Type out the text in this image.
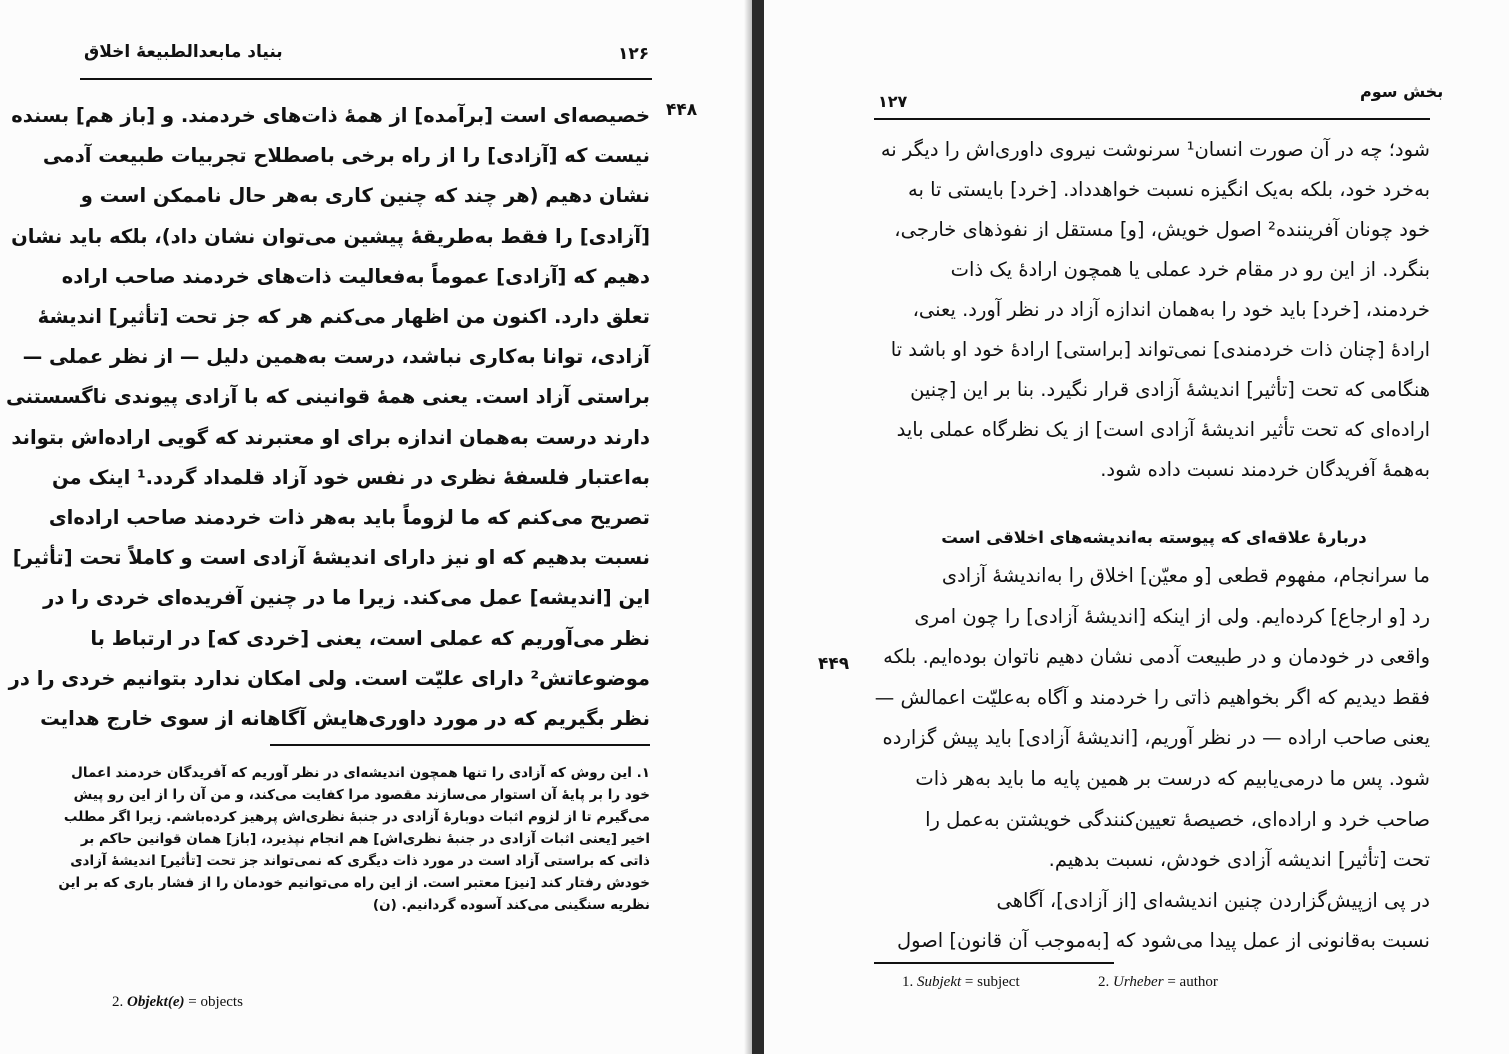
بنیاد مابعدالطبیعهٔ اخلاق	۱۲۶
۴۴۸
خصیصه‌ای است [برآمده] از همهٔ ذات‌های خردمند. و [باز هم] بسنده
نیست که [آزادی] را از راه برخی باصطلاح تجربیات طبیعت آدمی
نشان دهیم (هر چند که چنین کاری به‌هر حال ناممکن است و
[آزادی] را فقط به‌طریقهٔ پیشین می‌توان نشان داد)، بلکه باید نشان
دهیم که [آزادی] عموماً به‌فعالیت ذات‌های خردمند صاحب اراده
تعلق دارد. اکنون من اظهار می‌کنم هر که جز تحت [تأثیر] اندیشهٔ
آزادی، توانا به‌کاری نباشد، درست به‌همین دلیل — از نظر عملی —
براستی آزاد است. یعنی همهٔ قوانینی که با آزادی پیوندی ناگسستنی
دارند درست به‌همان اندازه برای او معتبرند که گویی اراده‌اش بتواند
به‌اعتبار فلسفهٔ نظری در نفس خود آزاد قلمداد گردد.¹ اینک من
تصریح می‌کنم که ما لزوماً باید به‌هر ذات خردمند صاحب اراده‌ای
نسبت بدهیم که او نیز دارای اندیشهٔ آزادی است و کاملاً تحت [تأثیر]
این [اندیشه] عمل می‌کند. زیرا ما در چنین آفریده‌ای خردی را در
نظر می‌آوریم که عملی است، یعنی [خردی که] در ارتباط با
موضوعاتش² دارای علیّت است. ولی امکان ندارد بتوانیم خردی را در
نظر بگیریم که در مورد داوری‌هایش آگاهانه از سوی خارج هدایت
۱. این روش که آزادی را تنها همچون اندیشه‌ای در نظر آوریم که آفریدگان خردمند اعمال
خود را بر پایهٔ آن استوار می‌سازند مقصود مرا کفایت می‌کند، و من آن را از این رو پیش
می‌گیرم تا از لزوم اثبات دوبارهٔ آزادی در جنبهٔ نظری‌اش پرهیز کرده‌باشم. زیرا اگر مطلب
اخیر [یعنی اثبات آزادی در جنبهٔ نظری‌اش] هم انجام نپذیرد، [باز] همان قوانین حاکم بر
ذاتی که براستی آزاد است در مورد ذات دیگری که نمی‌تواند جز تحت [تأثیر] اندیشهٔ آزادی
خودش رفتار کند [نیز] معتبر است. از این راه می‌توانیم خودمان را از فشار باری که بر این
نظریه سنگینی می‌کند آسوده گردانیم. (ن)
2. Objekt(e) = objects
بخش سوم
۱۲۷
شود؛ چه در آن صورت انسان¹ سرنوشت نیروی داوری‌اش را دیگر نه
به‌خرد خود، بلکه به‌یک انگیزه نسبت خواهدداد. [خرد] بایستی تا به
خود چونان آفریننده² اصول خویش، [و] مستقل از نفوذهای خارجی،
بنگرد. از این رو در مقام خرد عملی یا همچون ارادهٔ یک ذات
خردمند، [خرد] باید خود را به‌همان اندازه آزاد در نظر آورد. یعنی،
ارادهٔ [چنان ذات خردمندی] نمی‌تواند [براستی] ارادهٔ خود او باشد تا
هنگامی که تحت [تأثیر] اندیشهٔ آزادی قرار نگیرد. بنا بر این [چنین
اراده‌ای که تحت تأثیر اندیشهٔ آزادی است] از یک نظرگاه عملی باید
به‌همهٔ آفریدگان خردمند نسبت داده شود.
دربارهٔ علاقه‌ای که پیوسته به‌اندیشه‌های اخلاقی است
۴۴۹
ما سرانجام، مفهوم قطعی [و معیّن] اخلاق را به‌اندیشهٔ آزادی
رد [و ارجاع] کرده‌ایم. ولی از اینکه [اندیشهٔ آزادی] را چون امری
واقعی در خودمان و در طبیعت آدمی نشان دهیم ناتوان بوده‌ایم. بلکه
فقط دیدیم که اگر بخواهیم ذاتی را خردمند و آگاه به‌علیّت اعمالش —
یعنی صاحب اراده — در نظر آوریم، [اندیشهٔ آزادی] باید پیش گزارده
شود. پس ما درمی‌یابیم که درست بر همین پایه ما باید به‌هر ذات
صاحب خرد و اراده‌ای، خصیصهٔ تعیین‌کنندگی خویشتن به‌عمل را
تحت [تأثیر] اندیشه آزادی خودش، نسبت بدهیم.
در پی ازپیش‌گزاردن چنین اندیشه‌ای [از آزادی]، آگاهی
نسبت به‌قانونی از عمل پیدا می‌شود که [به‌موجب آن قانون] اصول
1. Subjekt = subject	2. Urheber = author
